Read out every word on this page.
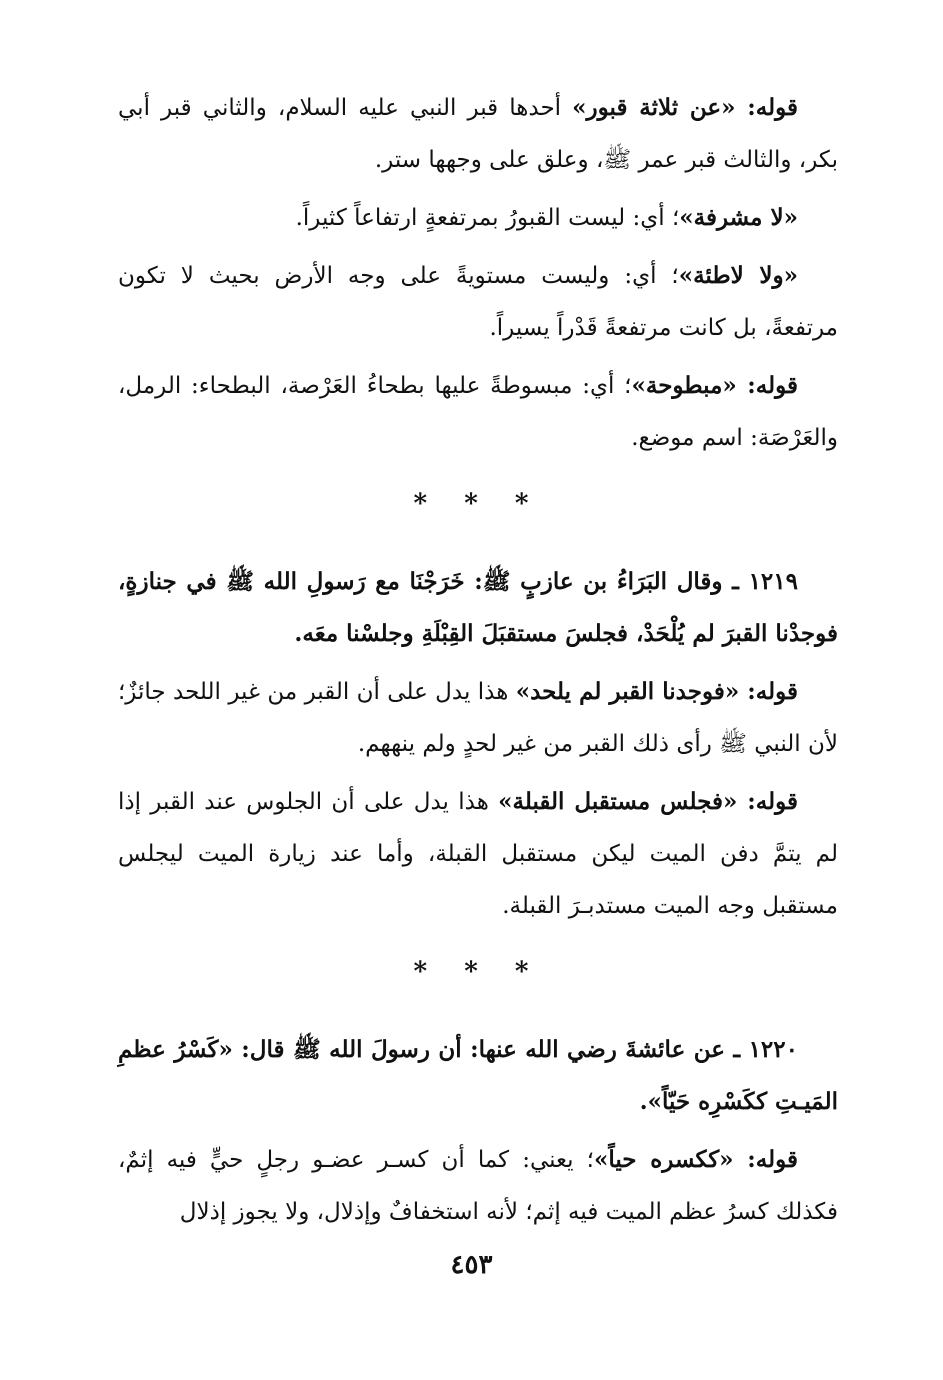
قوله: «عن ثلاثة قبور» أحدها قبر النبي عليه السلام، والثاني قبر أبي بكر، والثالث قبر عمر ﷺ، وعلق على وجهها ستر.

«لا مشرفة»؛ أي: ليست القبورُ بمرتفعةٍ ارتفاعاً كثيراً.

«ولا لاطئة»؛ أي: وليست مستويةً على وجه الأرض بحيث لا تكون مرتفعةً، بل كانت مرتفعةً قَدْراً يسيراً.

قوله: «مبطوحة»؛ أي: مبسوطةً عليها بطحاءُ العَرْصة، البطحاء: الرمل، والعَرْصَة: اسم موضع.

* * *

١٢١٩ ـ وقال البَرَاءُ بن عازبٍ ﷺ: خَرَجْنَا مع رَسولِ الله ﷺ في جنازةٍ، فوجدْنا القبرَ لم يُلْحَدْ، فجلسَ مستقبَلَ القِبْلَةِ وجلسْنا معَه.

قوله: «فوجدنا القبر لم يلحد» هذا يدل على أن القبر من غير اللحد جائزٌ؛ لأن النبي ﷺ رأى ذلك القبر من غير لحدٍ ولم ينههم.

قوله: «فجلس مستقبل القبلة» هذا يدل على أن الجلوس عند القبر إذا لم يتمَّ دفن الميت ليكن مستقبل القبلة، وأما عند زيارة الميت ليجلس مستقبل وجه الميت مستدبـرَ القبلة.

* * *

١٢٢٠ ـ عن عائشةَ رضي الله عنها: أن رسولَ الله ﷺ قال: «كَسْرُ عظمِ المَيـتِ ككَسْرِه حَيّاً».

قوله: «ككسره حياً»؛ يعني: كما أن كسـر عضـو رجلٍ حيٍّ فيه إثمٌ، فكذلك كسرُ عظم الميت فيه إثم؛ لأنه استخفافٌ وإذلال، ولا يجوز إذلال

٤٥٣
